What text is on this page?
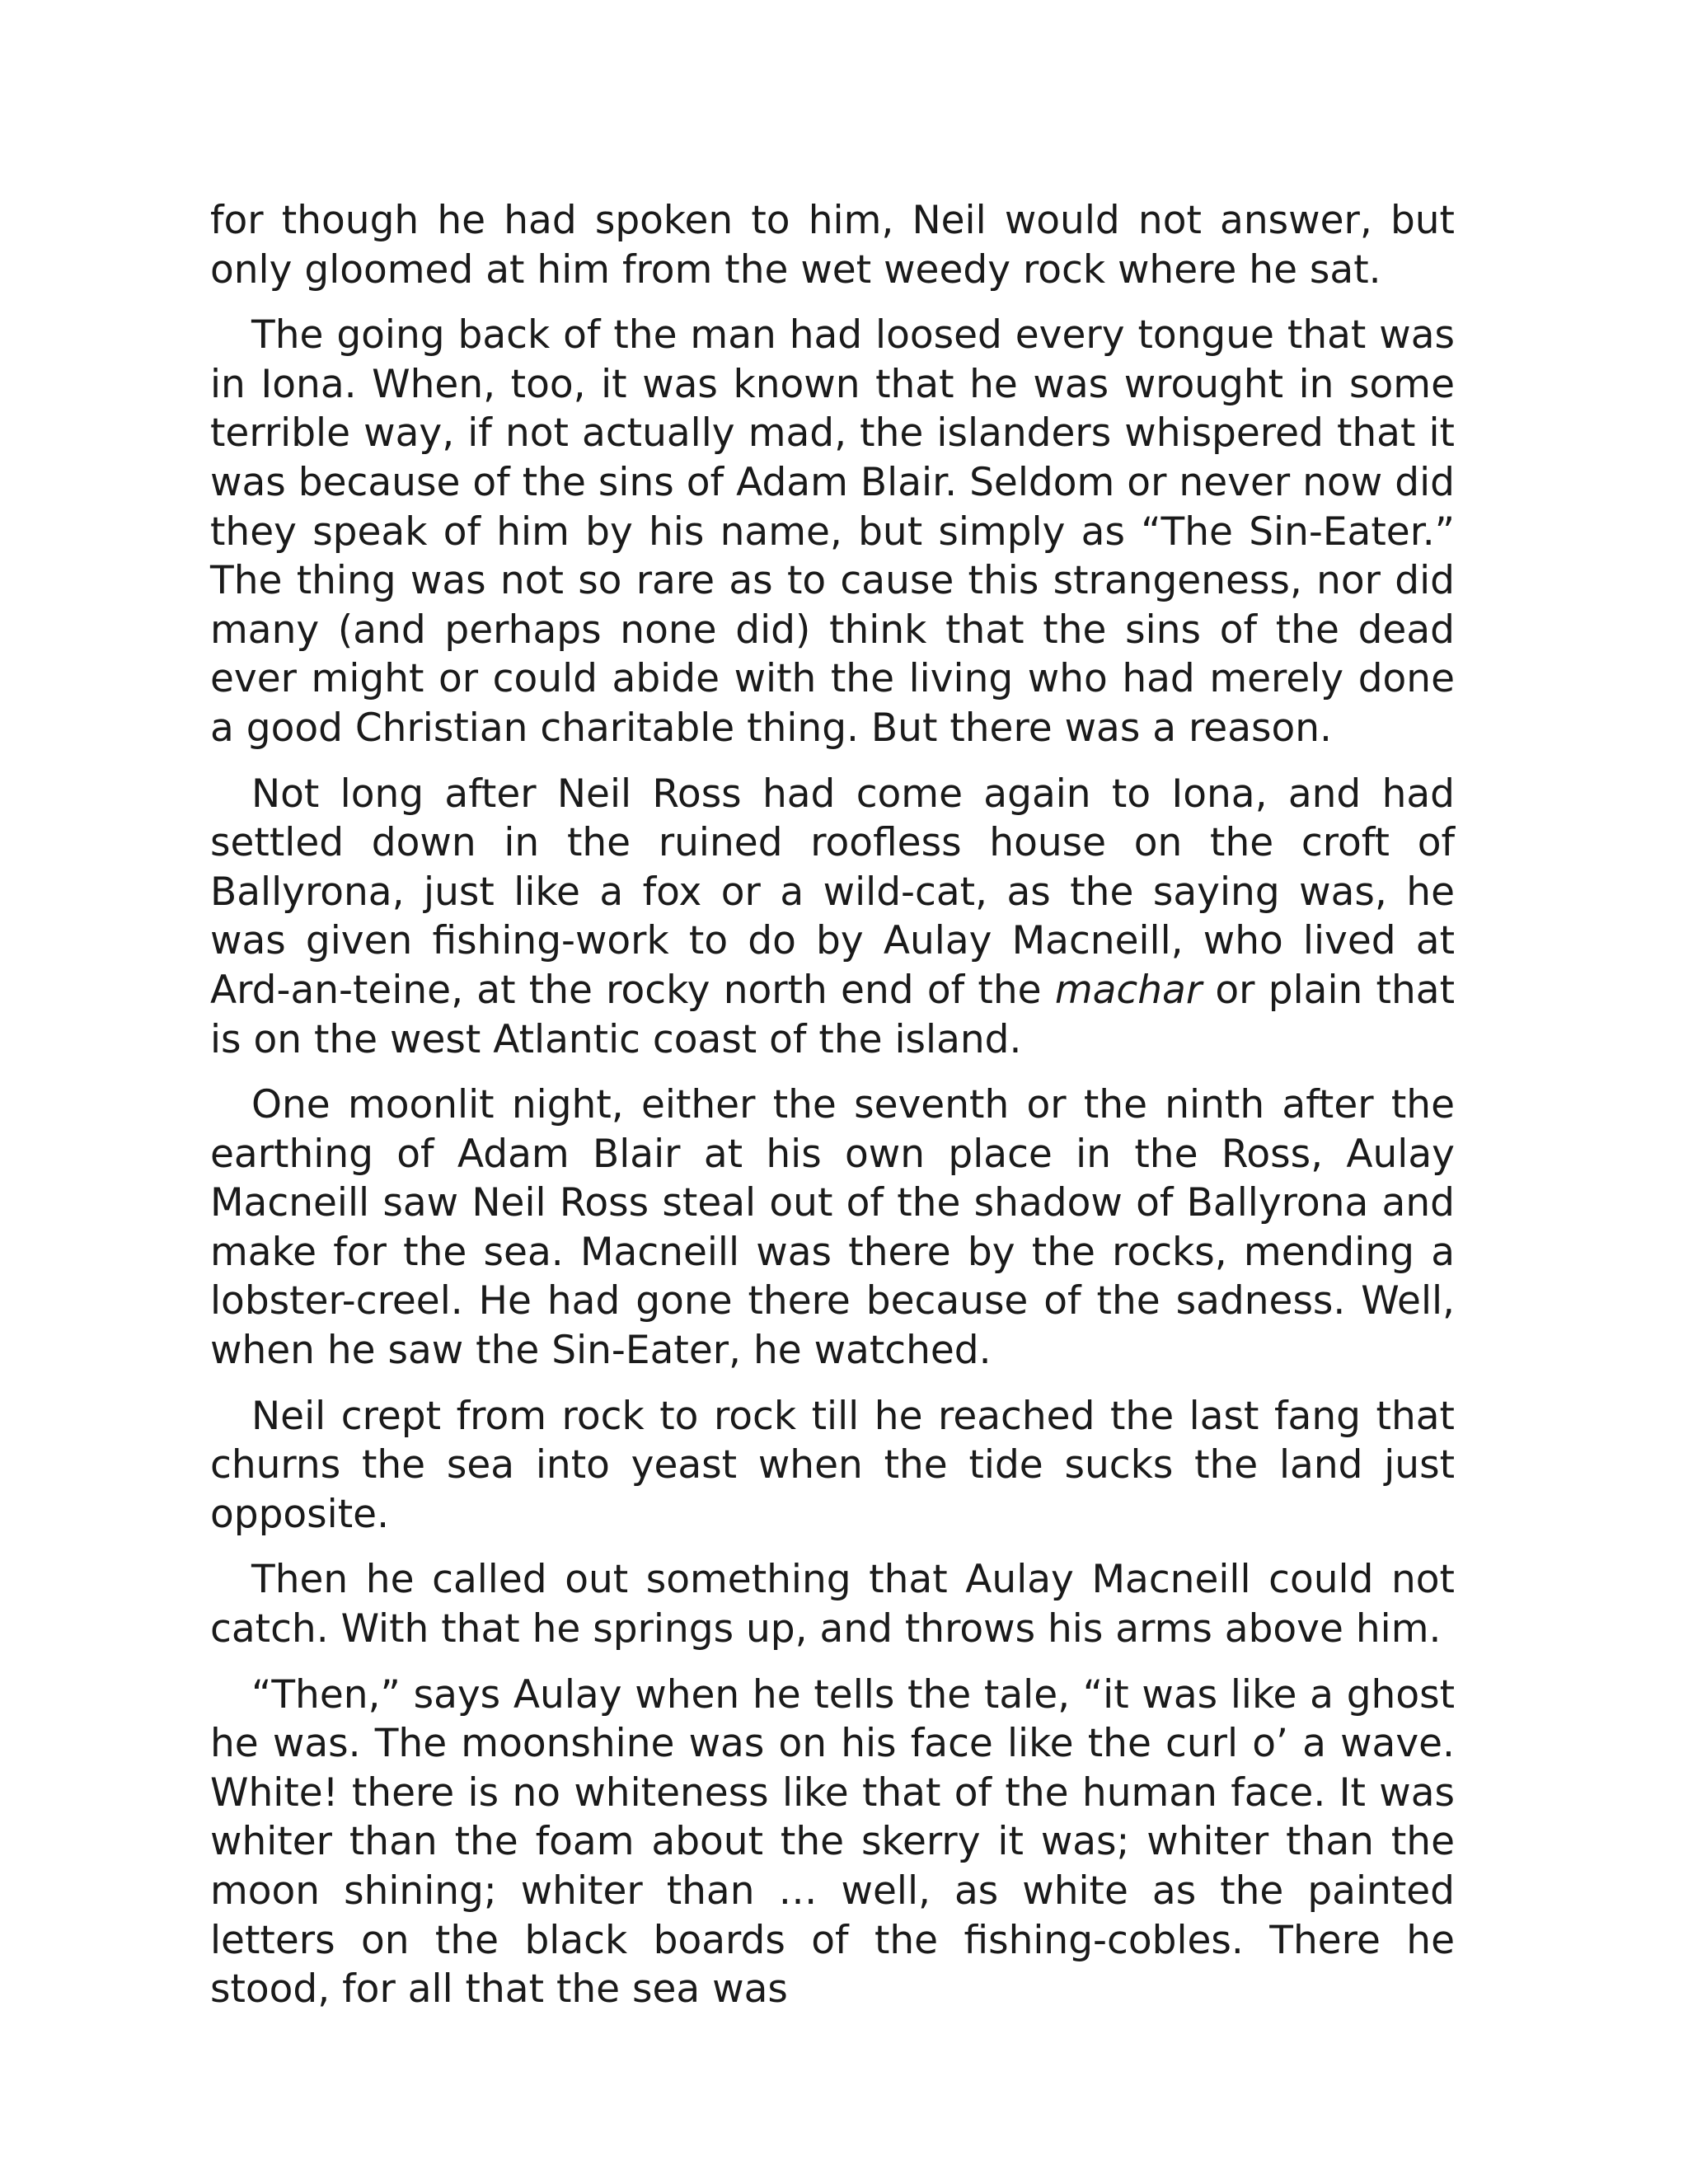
for though he had spoken to him, Neil would not answer, but only gloomed at him from the wet weedy rock where he sat.

The going back of the man had loosed every tongue that was in Iona. When, too, it was known that he was wrought in some terrible way, if not actually mad, the islanders whispered that it was because of the sins of Adam Blair. Seldom or never now did they speak of him by his name, but simply as “The Sin-Eater.” The thing was not so rare as to cause this strangeness, nor did many (and perhaps none did) think that the sins of the dead ever might or could abide with the living who had merely done a good Christian charitable thing. But there was a reason.

Not long after Neil Ross had come again to Iona, and had settled down in the ruined roofless house on the croft of Ballyrona, just like a fox or a wild-cat, as the saying was, he was given fishing-work to do by Aulay Macneill, who lived at Ard-an-teine, at the rocky north end of the machar or plain that is on the west Atlantic coast of the island.

One moonlit night, either the seventh or the ninth after the earthing of Adam Blair at his own place in the Ross, Aulay Macneill saw Neil Ross steal out of the shadow of Ballyrona and make for the sea. Macneill was there by the rocks, mending a lobster-creel. He had gone there because of the sadness. Well, when he saw the Sin-Eater, he watched.

Neil crept from rock to rock till he reached the last fang that churns the sea into yeast when the tide sucks the land just opposite.

Then he called out something that Aulay Macneill could not catch. With that he springs up, and throws his arms above him.

“Then,” says Aulay when he tells the tale, “it was like a ghost he was. The moonshine was on his face like the curl o’ a wave. White! there is no whiteness like that of the human face. It was whiter than the foam about the skerry it was; whiter than the moon shining; whiter than … well, as white as the painted letters on the black boards of the fishing-cobles. There he stood, for all that the sea was
